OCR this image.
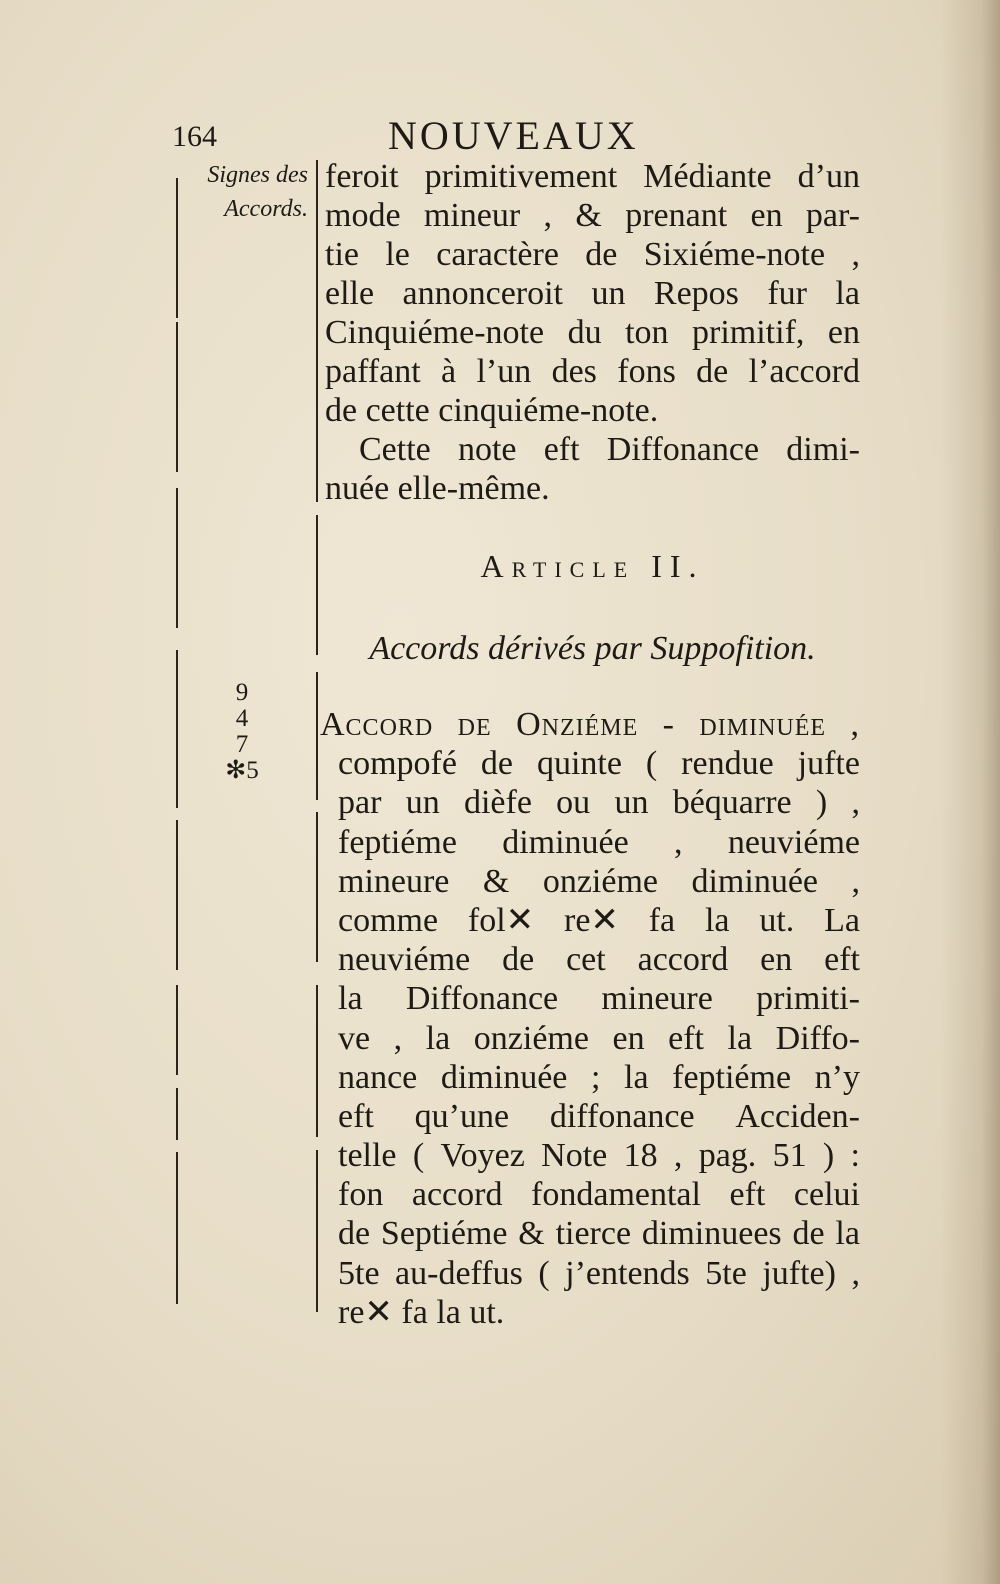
164	NOUVEAUX
Signes des
Accords.
9
4
7
✻5
feroit primitivement Médiante d’un
mode mineur , & prenant en par-
tie le caractère de Sixiéme-note ,
elle annonceroit un Repos fur la
Cinquiéme-note du ton primitif, en
paffant à l’un des fons de l’accord
de cette cinquiéme-note.
Cette note eft Diffonance dimi-
nuée elle-même.
Article II.
Accords dérivés par Suppofition.
Accord de Onziéme - diminuée ,
compofé de quinte ( rendue jufte
par un dièfe ou un béquarre ) ,
feptiéme diminuée , neuviéme
mineure & onziéme diminuée ,
comme fol✕ re✕ fa la ut. La
neuviéme de cet accord en eft
la Diffonance mineure primiti-
ve , la onziéme en eft la Diffo-
nance diminuée ; la feptiéme n’y
eft qu’une diffonance Acciden-
telle ( Voyez Note 18 , pag. 51 ) :
fon accord fondamental eft celui
de Septiéme & tierce diminuees de la
5te au-deffus ( j’entends 5te jufte) ,
re✕ fa la ut.
